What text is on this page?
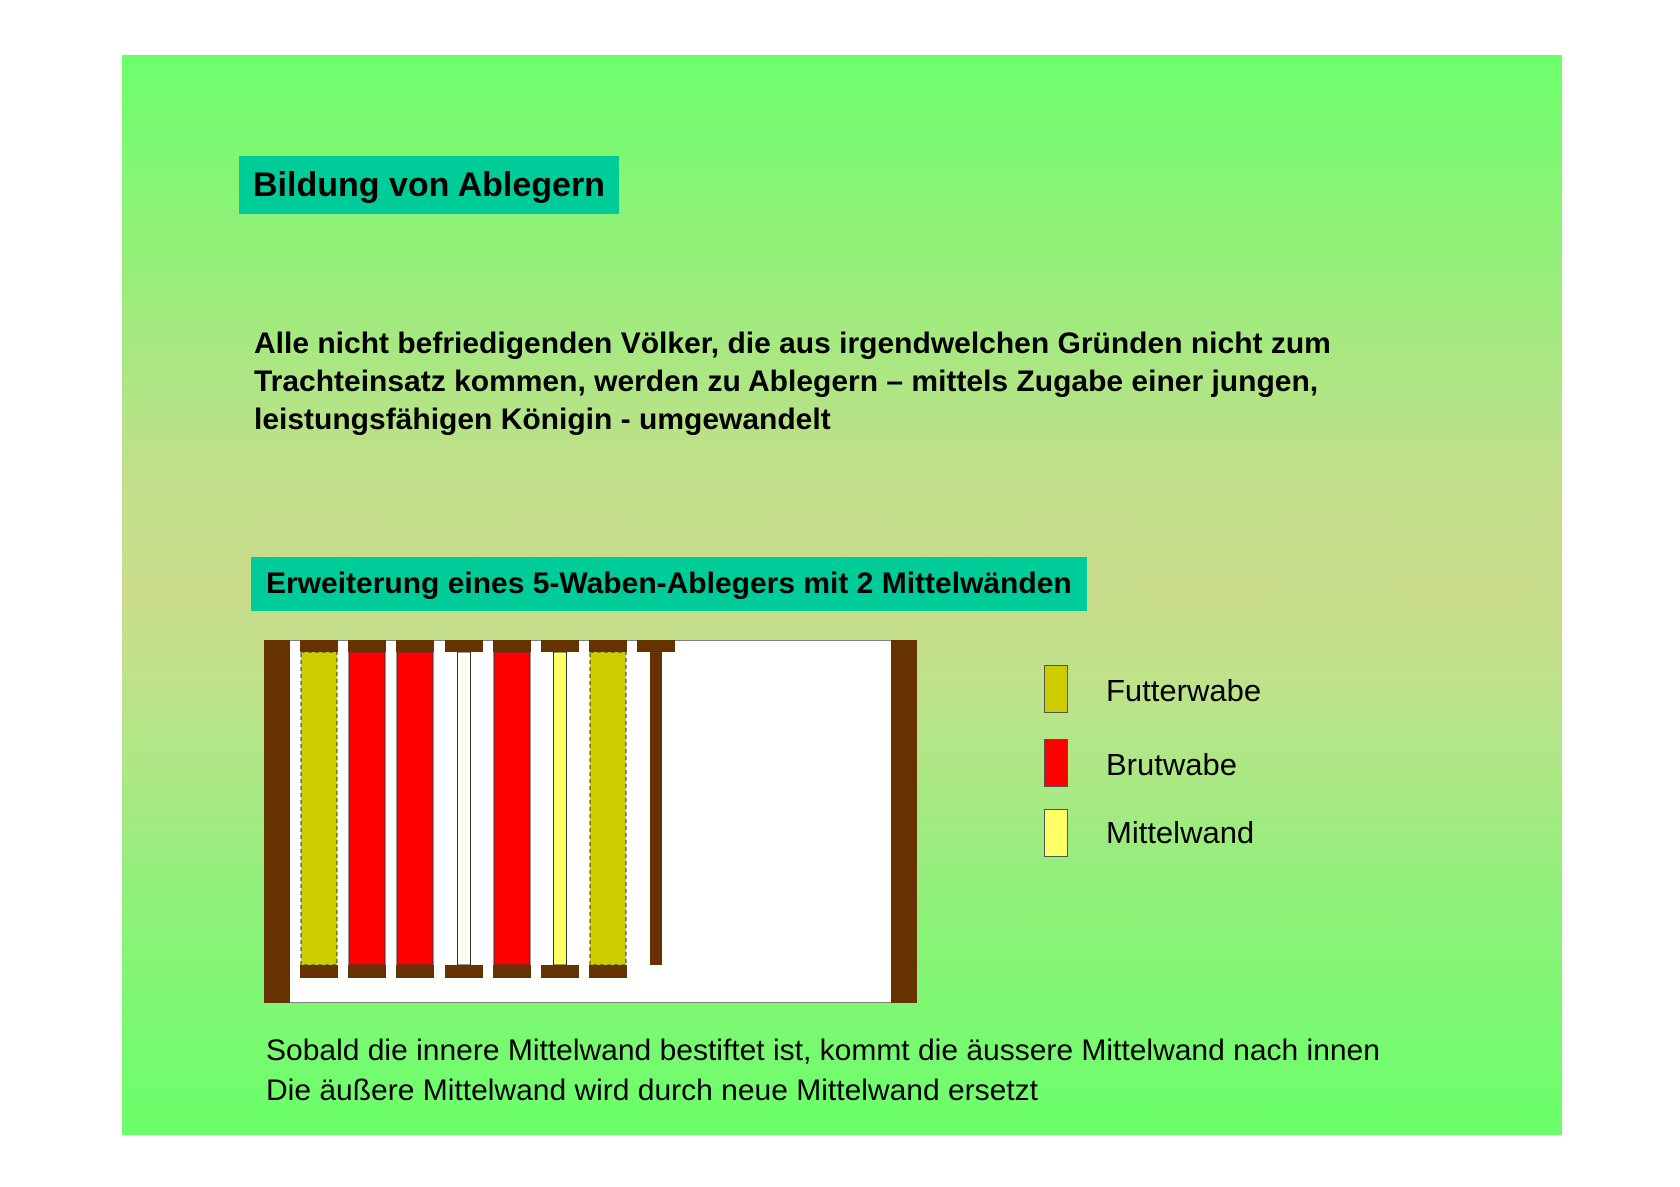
Bildung von Ablegern
Alle nicht befriedigenden Völker, die aus irgendwelchen Gründen nicht zum
Trachteinsatz kommen, werden zu Ablegern – mittels Zugabe einer jungen,
leistungsfähigen Königin - umgewandelt
Erweiterung eines 5-Waben-Ablegers mit 2 Mittelwänden
Futterwabe
Brutwabe
Mittelwand
Sobald die innere Mittelwand bestiftet ist, kommt die äussere Mittelwand nach innen
Die äußere Mittelwand wird durch neue Mittelwand ersetzt
